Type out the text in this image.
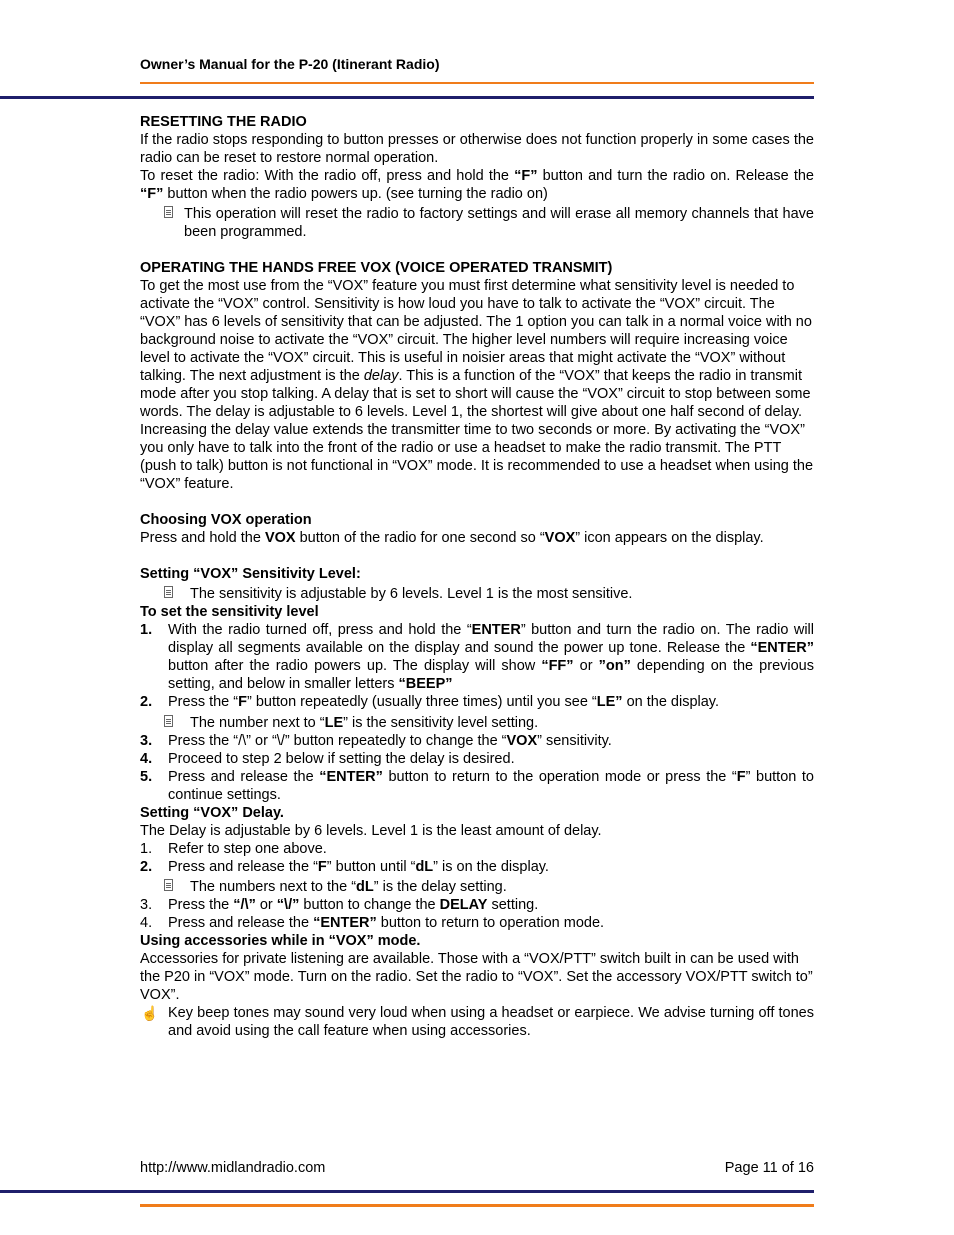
Owner’s Manual for the P-20 (Itinerant Radio)

RESETTING THE RADIO

If the radio stops responding to button presses or otherwise does not function properly in some cases the radio can be reset to restore normal operation.

To reset the radio: With the radio off, press and hold the “F” button and turn the radio on. Release the “F” button when the radio powers up. (see turning the radio on)

This operation will reset the radio to factory settings and will erase all memory channels that have been programmed.

OPERATING THE HANDS FREE VOX (VOICE OPERATED TRANSMIT)

To get the most use from the “VOX” feature you must first determine what sensitivity level is needed to activate the “VOX” control. Sensitivity is how loud you have to talk to activate the “VOX” circuit. The “VOX” has 6 levels of sensitivity that can be adjusted. The 1 option you can talk in a normal voice with no background noise to activate the “VOX” circuit. The higher level numbers will require increasing voice level to activate the “VOX” circuit. This is useful in noisier areas that might activate the “VOX” without talking. The next adjustment is the delay. This is a function of the “VOX” that keeps the radio in transmit mode after you stop talking. A delay that is set to short will cause the “VOX” circuit to stop between some words. The delay is adjustable to 6 levels. Level 1, the shortest will give about one half second of delay. Increasing the delay value extends the transmitter time to two seconds or more. By activating the “VOX” you only have to talk into the front of the radio or use a headset to make the radio transmit. The PTT (push to talk) button is not functional in “VOX” mode. It is recommended to use a headset when using the “VOX” feature.

Choosing VOX operation

Press and hold the VOX button of the radio for one second so “VOX” icon appears on the display.

Setting “VOX” Sensitivity Level:

The sensitivity is adjustable by 6 levels. Level 1 is the most sensitive.

To set the sensitivity level

1. With the radio turned off, press and hold the “ENTER” button and turn the radio on. The radio will display all segments available on the display and sound the power up tone. Release the “ENTER” button after the radio powers up. The display will show “FF” or ”on” depending on the previous setting, and below in smaller letters “BEEP”

2. Press the “F” button repeatedly (usually three times) until you see “LE” on the display.

The number next to “LE” is the sensitivity level setting.

3. Press the “/\” or “\/” button repeatedly to change the “VOX” sensitivity.

4. Proceed to step 2 below if setting the delay is desired.

5. Press and release the “ENTER” button to return to the operation mode or press the “F” button to continue settings.

Setting “VOX” Delay.

The Delay is adjustable by 6 levels. Level 1 is the least amount of delay.

1. Refer to step one above.

2. Press and release the “F” button until “dL” is on the display.

The numbers next to the “dL” is the delay setting.

3. Press the “/\” or “\/” button to change the DELAY setting.

4. Press and release the “ENTER” button to return to operation mode.

Using accessories while in “VOX” mode.

Accessories for private listening are available. Those with a “VOX/PTT” switch built in can be used with the P20 in “VOX” mode. Turn on the radio. Set the radio to “VOX”. Set the accessory VOX/PTT switch to” VOX”.

☝ Key beep tones may sound very loud when using a headset or earpiece. We advise turning off tones and avoid using the call feature when using accessories.

http://www.midlandradio.com	Page 11 of 16
